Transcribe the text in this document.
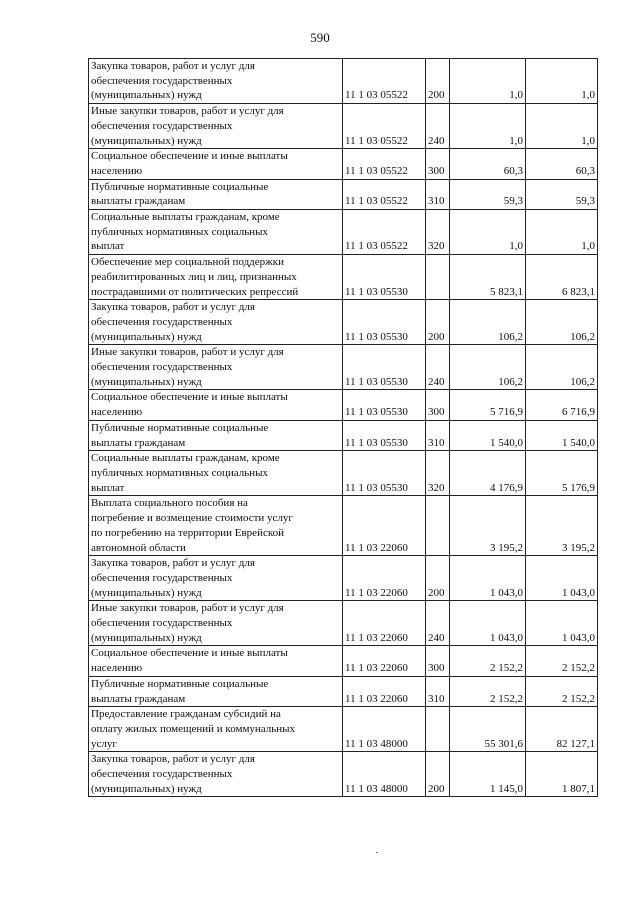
590
Закупка товаров, работ и услуг для
обеспечения государственных
(муниципальных) нужд	11 1 03 05522	200	1,0	1,0
Иные закупки товаров, работ и услуг для
обеспечения государственных
(муниципальных) нужд	11 1 03 05522	240	1,0	1,0
Социальное обеспечение и иные выплаты
населению	11 1 03 05522	300	60,3	60,3
Публичные нормативные социальные
выплаты гражданам	11 1 03 05522	310	59,3	59,3
Социальные выплаты гражданам, кроме
публичных нормативных социальных
выплат	11 1 03 05522	320	1,0	1,0
Обеспечение мер социальной поддержки
реабилитированных лиц и лиц, признанных
пострадавшими от политических репрессий	11 1 03 05530		5 823,1	6 823,1
Закупка товаров, работ и услуг для
обеспечения государственных
(муниципальных) нужд	11 1 03 05530	200	106,2	106,2
Иные закупки товаров, работ и услуг для
обеспечения государственных
(муниципальных) нужд	11 1 03 05530	240	106,2	106,2
Социальное обеспечение и иные выплаты
населению	11 1 03 05530	300	5 716,9	6 716,9
Публичные нормативные социальные
выплаты гражданам	11 1 03 05530	310	1 540,0	1 540,0
Социальные выплаты гражданам, кроме
публичных нормативных социальных
выплат	11 1 03 05530	320	4 176,9	5 176,9
Выплата социального пособия на
погребение и возмещение стоимости услуг
по погребению на территории Еврейской
автономной области	11 1 03 22060		3 195,2	3 195,2
Закупка товаров, работ и услуг для
обеспечения государственных
(муниципальных) нужд	11 1 03 22060	200	1 043,0	1 043,0
Иные закупки товаров, работ и услуг для
обеспечения государственных
(муниципальных) нужд	11 1 03 22060	240	1 043,0	1 043,0
Социальное обеспечение и иные выплаты
населению	11 1 03 22060	300	2 152,2	2 152,2
Публичные нормативные социальные
выплаты гражданам	11 1 03 22060	310	2 152,2	2 152,2
Предоставление гражданам субсидий на
оплату жилых помещений и коммунальных
услуг	11 1 03 48000		55 301,6	82 127,1
Закупка товаров, работ и услуг для
обеспечения государственных
(муниципальных) нужд	11 1 03 48000	200	1 145,0	1 807,1
